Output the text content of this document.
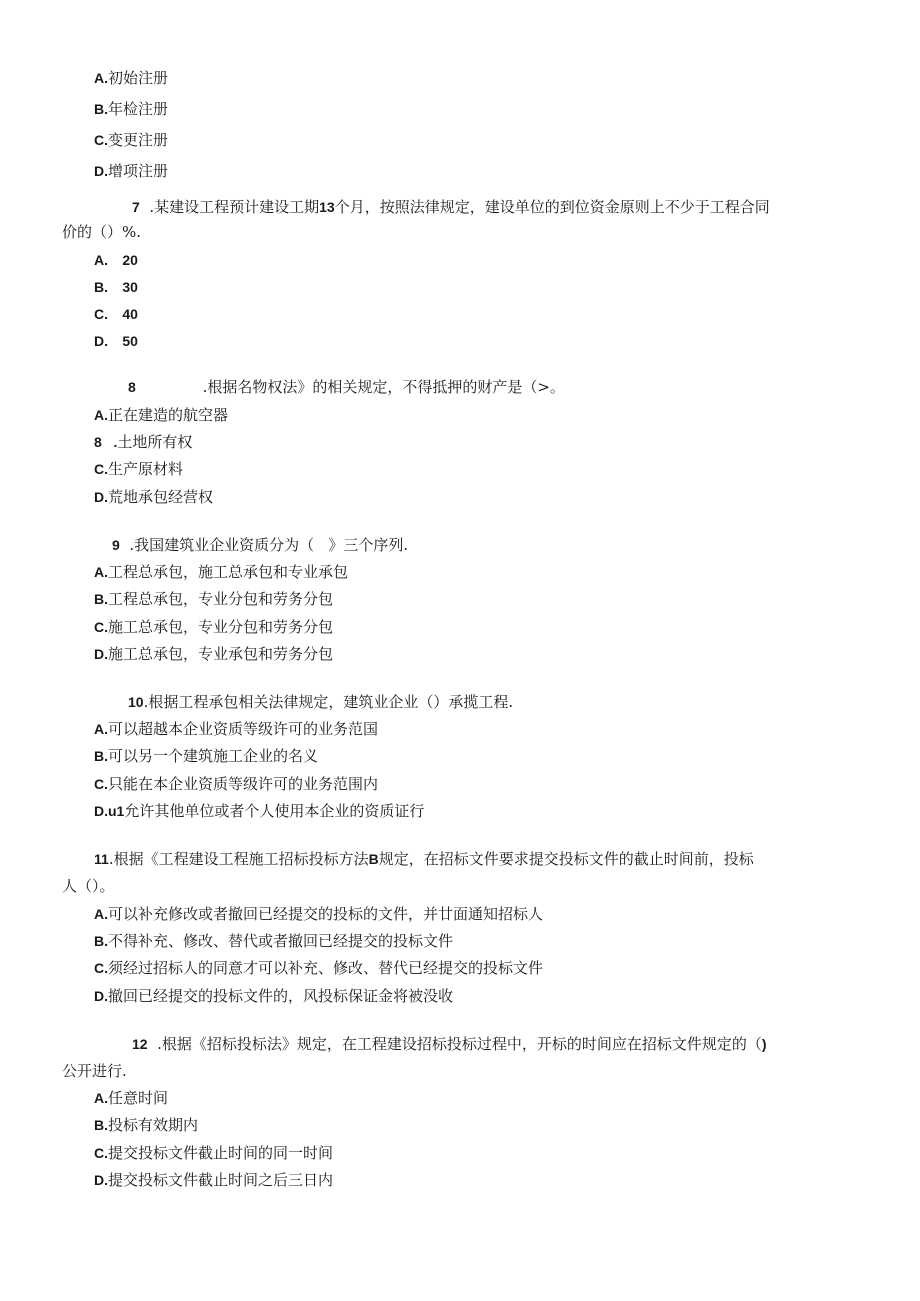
A.初始注册
B.年检注册
C.变更注册
D.增项注册
7 .某建设工程预计建设工期13个月，按照法律规定，建设单位的到位资金原则上不少于工程合同
价的（）%.
A. 20
B. 30
C. 40
D. 50
8	.根据名物权法》的相关规定，不得抵押的财产是（>。
A.正在建造的航空器
8   .土地所有权
C.生产原材料
D.荒地承包经营权
9 .我国建筑业企业资质分为（   》三个序列.
A.工程总承包，施工总承包和专业承包
B.工程总承包，专业分包和劳务分包
C.施工总承包，专业分包和劳务分包
D.施工总承包，专业承包和劳务分包
10.根据工程承包相关法律规定，建筑业企业（）承揽工程.
A.可以超越本企业资质等级许可的业务范国
B.可以另一个建筑施工企业的名义
C.只能在本企业资质等级许可的业务范围内
D.u1允许其他单位或者个人使用本企业的资质证行
11.根据《工程建设工程施工招标投标方法B规定，在招标文件要求提交投标文件的截止时间前，投标
人（）。
A.可以补充修改或者撤回已经提交的投标的文件，并廿面通知招标人
B.不得补充、修改、替代或者撤回已经提交的投标文件
C.须经过招标人的同意才可以补充、修改、替代已经提交的投标文件
D.撤回已经提交的投标文件的，风投标保证金将被没收
12 .根据《招标投标法》规定，在工程建设招标投标过程中，开标的时间应在招标文件规定的（)
公开进行.
A.任意时间
B.投标有效期内
C.提交投标文件截止时间的同一时间
D.提交投标文件截止时间之后三日内
